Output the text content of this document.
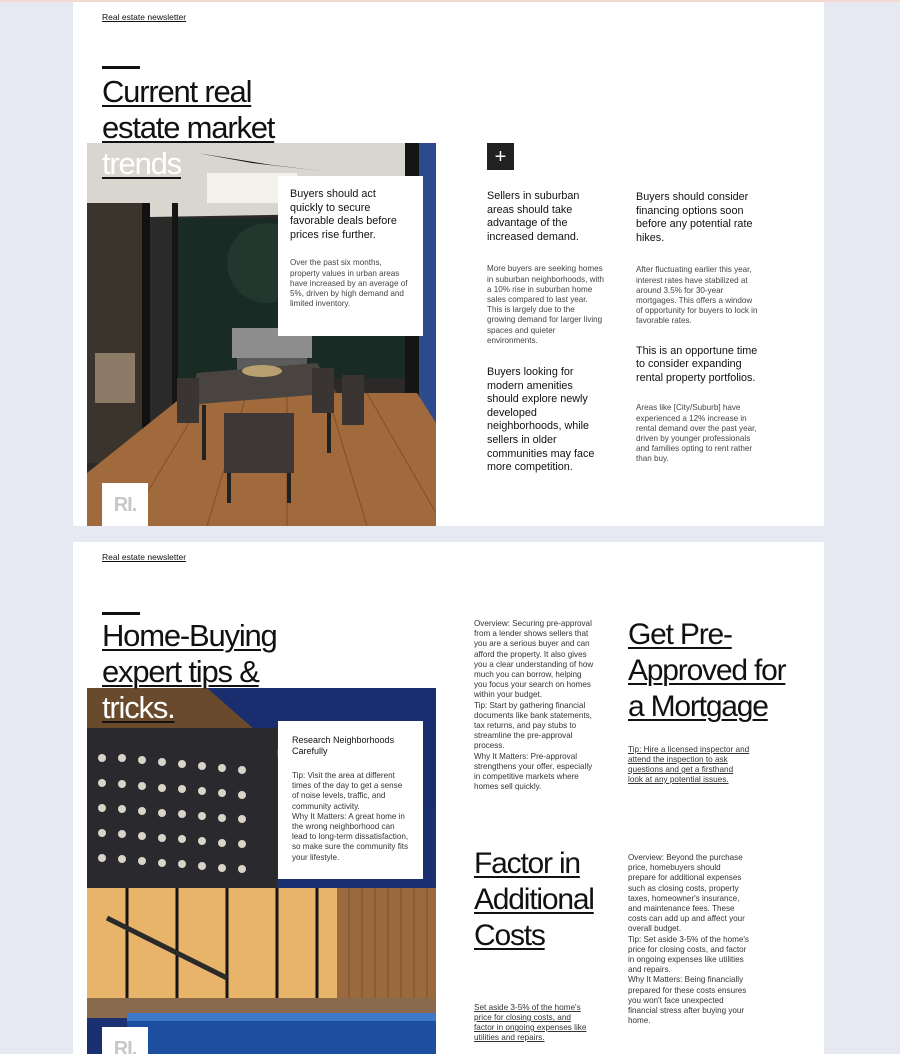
Real estate newsletter
Current real
estate market
trends
Buyers should act quickly to secure favorable deals before prices rise further.
Over the past six months, property values in urban areas have increased by an average of 5%, driven by high demand and limited inventory.
RI.
+
Sellers in suburban areas should take advantage of the increased demand.
More buyers are seeking homes in suburban neighborhoods, with a 10% rise in suburban home sales compared to last year. This is largely due to the growing demand for larger living spaces and quieter environments.
Buyers looking for modern amenities should explore newly developed neighborhoods, while sellers in older communities may face more competition.
Buyers should consider financing options soon before any potential rate hikes.
After fluctuating earlier this year, interest rates have stabilized at around 3.5% for 30-year mortgages. This offers a window of opportunity for buyers to lock in favorable rates.
This is an opportune time to consider expanding rental property portfolios.
Areas like [City/Suburb] have experienced a 12% increase in rental demand over the past year, driven by younger professionals and families opting to rent rather than buy.
Real estate newsletter
Home-Buying
expert tips &
tricks.
Research Neighborhoods Carefully
Tip: Visit the area at different times of the day to get a sense of noise levels, traffic, and community activity.
Why It Matters: A great home in the wrong neighborhood can lead to long-term dissatisfaction, so make sure the community fits your lifestyle.
RI.
Overview: Securing pre-approval from a lender shows sellers that you are a serious buyer and can afford the property. It also gives you a clear understanding of how much you can borrow, helping you focus your search on homes within your budget.
Tip: Start by gathering financial documents like bank statements, tax returns, and pay stubs to streamline the pre-approval process.
Why It Matters: Pre-approval strengthens your offer, especially in competitive markets where homes sell quickly.
Factor in
Additional
Costs
Set aside 3-5% of the home's price for closing costs, and factor in ongoing expenses like utilities and repairs.
Get Pre-
Approved for
a Mortgage
Tip: Hire a licensed inspector and attend the inspection to ask questions and get a firsthand look at any potential issues.
Overview: Beyond the purchase price, homebuyers should prepare for additional expenses such as closing costs, property taxes, homeowner's insurance, and maintenance fees. These costs can add up and affect your overall budget.
Tip: Set aside 3-5% of the home's price for closing costs, and factor in ongoing expenses like utilities and repairs.
Why It Matters: Being financially prepared for these costs ensures you won't face unexpected financial stress after buying your home.
